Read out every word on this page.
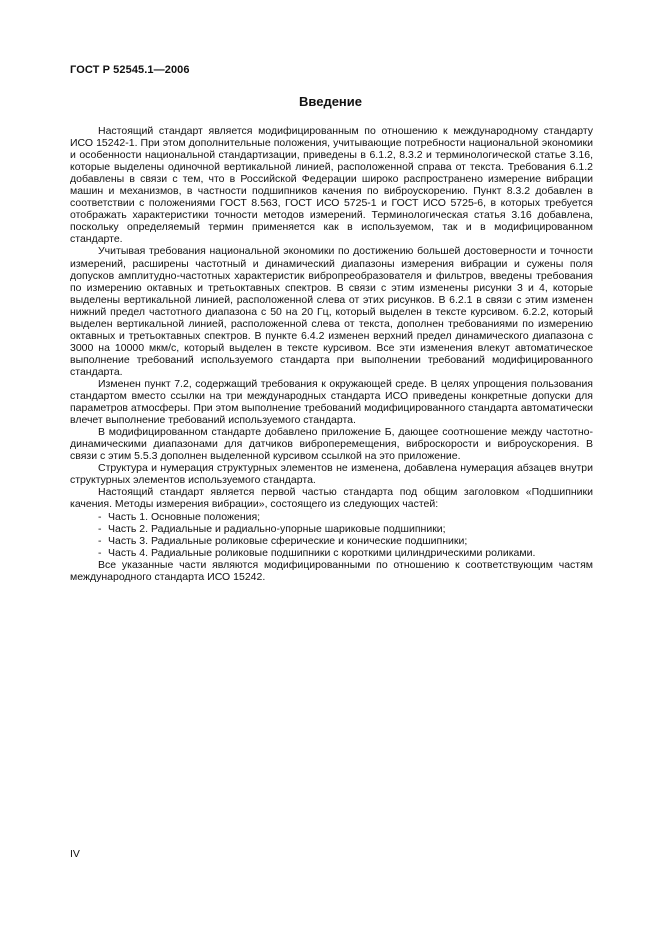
ГОСТ Р 52545.1—2006
Введение

Настоящий стандарт является модифицированным по отношению к международному стандарту ИСО 15242-1. При этом дополнительные положения, учитывающие потребности национальной экономики и особенности национальной стандартизации, приведены в 6.1.2, 8.3.2 и терминологической статье 3.16, которые выделены одиночной вертикальной линией, расположенной справа от текста. Требования 6.1.2 добавлены в связи с тем, что в Российской Федерации широко распространено измерение вибрации машин и механизмов, в частности подшипников качения по виброускорению. Пункт 8.3.2 добавлен в соответствии с положениями ГОСТ 8.563, ГОСТ ИСО 5725-1 и ГОСТ ИСО 5725-6, в которых требуется отображать характеристики точности методов измерений. Терминологическая статья 3.16 добавлена, поскольку определяемый термин применяется как в используемом, так и в модифицированном стандарте.

Учитывая требования национальной экономики по достижению большей достоверности и точности измерений, расширены частотный и динамический диапазоны измерения вибрации и сужены поля допусков амплитудно-частотных характеристик вибропреобразователя и фильтров, введены требования по измерению октавных и третьоктавных спектров. В связи с этим изменены рисунки 3 и 4, которые выделены вертикальной линией, расположенной слева от этих рисунков. В 6.2.1 в связи с этим изменен нижний предел частотного диапазона с 50 на 20 Гц, который выделен в тексте курсивом. 6.2.2, который выделен вертикальной линией, расположенной слева от текста, дополнен требованиями по измерению октавных и третьоктавных спектров. В пункте 6.4.2 изменен верхний предел динамического диапазона с 3000 на 10000 мкм/с, который выделен в тексте курсивом. Все эти изменения влекут автоматическое выполнение требований используемого стандарта при выполнении требований модифицированного стандарта.

Изменен пункт 7.2, содержащий требования к окружающей среде. В целях упрощения пользования стандартом вместо ссылки на три международных стандарта ИСО приведены конкретные допуски для параметров атмосферы. При этом выполнение требований модифицированного стандарта автоматически влечет выполнение требований используемого стандарта.

В модифицированном стандарте добавлено приложение Б, дающее соотношение между частотно-динамическими диапазонами для датчиков виброперемещения, виброскорости и виброускорения. В связи с этим 5.5.3 дополнен выделенной курсивом ссылкой на это приложение.

Структура и нумерация структурных элементов не изменена, добавлена нумерация абзацев внутри структурных элементов используемого стандарта.

Настоящий стандарт является первой частью стандарта под общим заголовком «Подшипники качения. Методы измерения вибрации», состоящего из следующих частей:

- Часть 1. Основные положения;
- Часть 2. Радиальные и радиально-упорные шариковые подшипники;
- Часть 3. Радиальные роликовые сферические и конические подшипники;
- Часть 4. Радиальные роликовые подшипники с короткими цилиндрическими роликами.

Все указанные части являются модифицированными по отношению к соответствующим частям международного стандарта ИСО 15242.

IV
